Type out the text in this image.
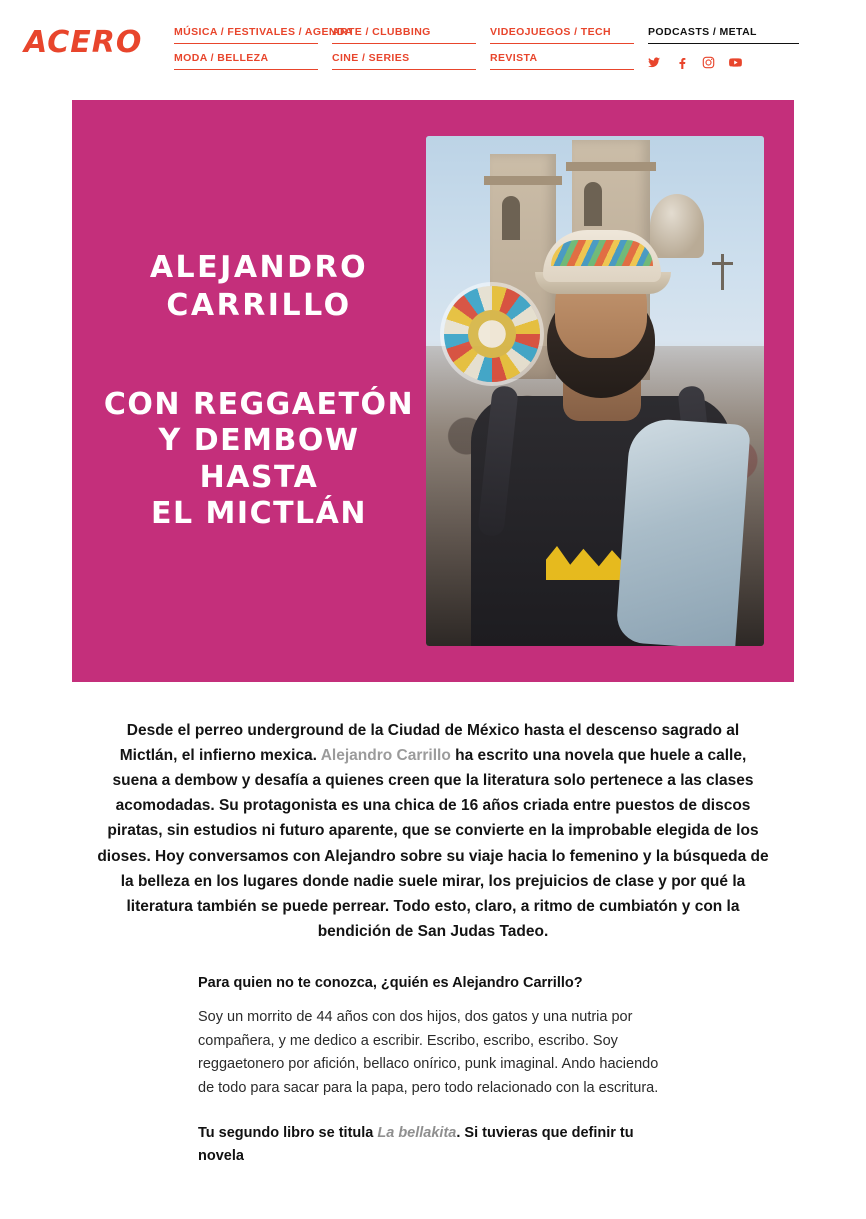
ACERO	MÚSICA / FESTIVALES / AGENDA
MODA / BELLEZA
ARTE / CLUBBING
CINE / SERIES
VIDEOJUEGOS / TECH
REVISTA
PODCASTS / METAL
ALEJANDRO
CARRILLO
CON REGGAETÓN
Y DEMBOW HASTA
EL MICTLÁN

Desde el perreo underground de la Ciudad de México hasta el descenso sagrado al Mictlán, el infierno mexica. Alejandro Carrillo ha escrito una novela que huele a calle, suena a dembow y desafía a quienes creen que la literatura solo pertenece a las clases acomodadas. Su protagonista es una chica de 16 años criada entre puestos de discos piratas, sin estudios ni futuro aparente, que se convierte en la improbable elegida de los dioses. Hoy conversamos con Alejandro sobre su viaje hacia lo femenino y la búsqueda de la belleza en los lugares donde nadie suele mirar, los prejuicios de clase y por qué la literatura también se puede perrear. Todo esto, claro, a ritmo de cumbiatón y con la bendición de San Judas Tadeo.

Para quien no te conozca, ¿quién es Alejandro Carrillo?

Soy un morrito de 44 años con dos hijos, dos gatos y una nutria por compañera, y me dedico a escribir. Escribo, escribo, escribo. Soy reggaetonero por afición, bellaco onírico, punk imaginal. Ando haciendo de todo para sacar para la papa, pero todo relacionado con la escritura.

Tu segundo libro se titula La bellakita. Si tuvieras que definir tu novela
